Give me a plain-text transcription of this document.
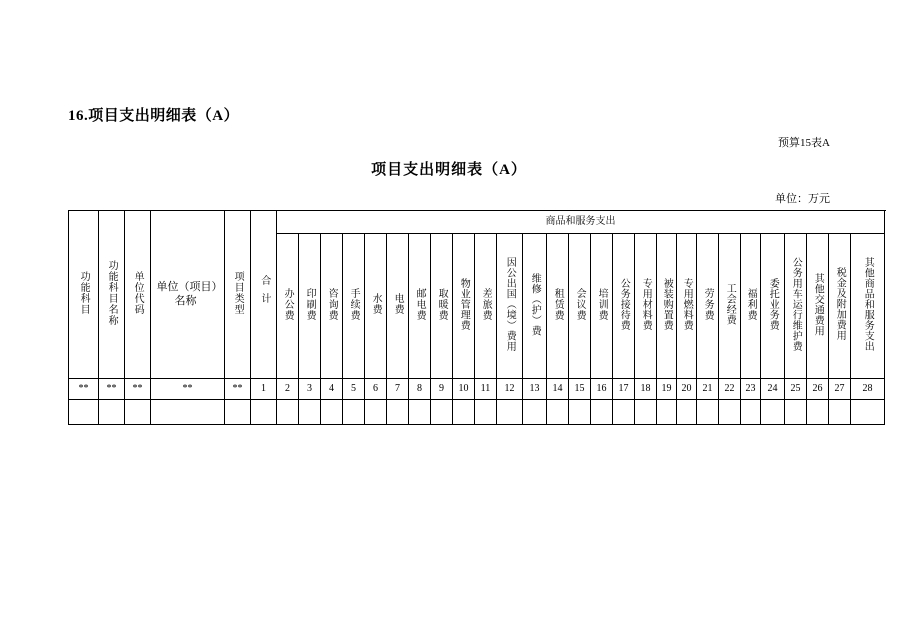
16.项目支出明细表（A）
预算15表A
项目支出明细表（A）
单位：万元
功能科目	功能科目名称	单位代码	单位（项目）名称	项目类型	合计	商品和服务支出																											
						办公费	印刷费	咨询费	手续费	水费	电费	邮电费	取暖费	物业管理费	差旅费	因公出国（境）费用	维修（护）费	租赁费	会议费	培训费	公务接待费	专用材料费	被装购置费	专用燃料费	劳务费	工会经费	福利费	委托业务费	公务用车运行维护费	其他交通费用	税金及附加费用	其他商品和服务支出	
**	**	**	**	**	1	2	3	4	5	6	7	8	9	10	11	12	13	14	15	16	17	18	19	20	21	22	23	24	25	26	27	28	
